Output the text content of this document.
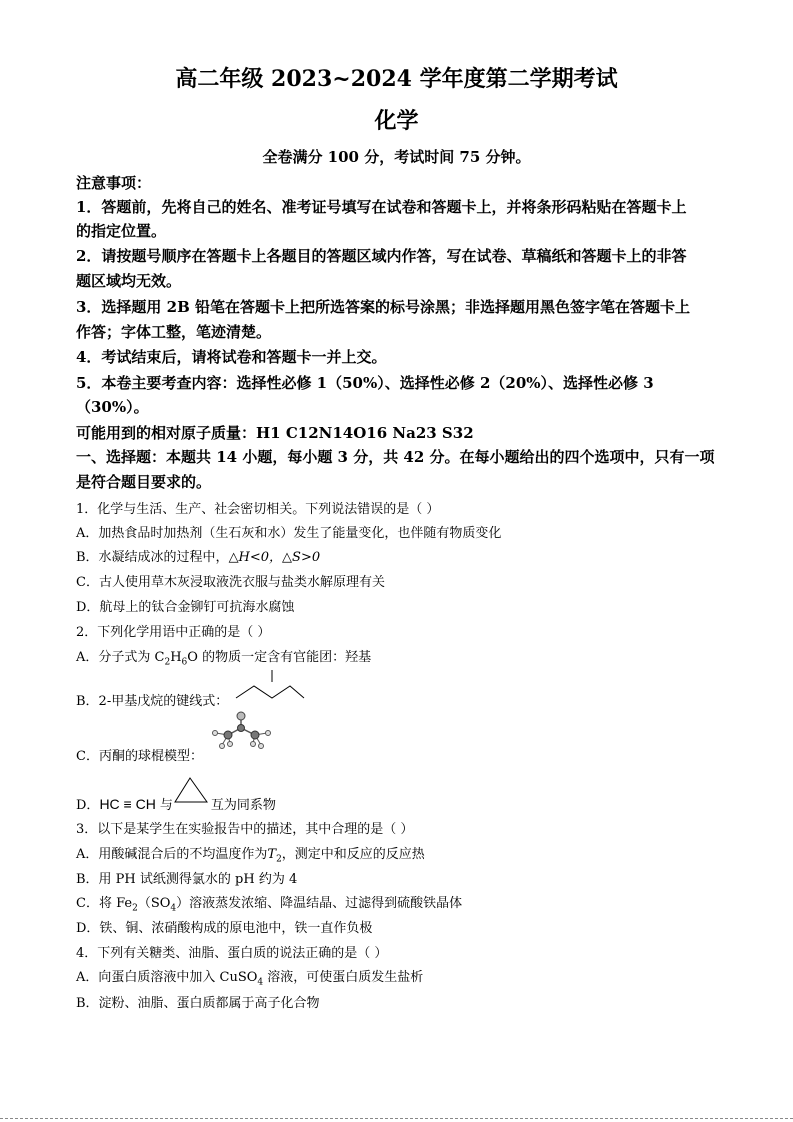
高二年级 2023~2024 学年度第二学期考试
化学
全卷满分 100 分，考试时间 75 分钟。
注意事项：
1．答题前，先将自己的姓名、准考证号填写在试卷和答题卡上，并将条形码粘贴在答题卡上
的指定位置。
2．请按题号顺序在答题卡上各题目的答题区域内作答，写在试卷、草稿纸和答题卡上的非答
题区域均无效。
3．选择题用 2B 铅笔在答题卡上把所选答案的标号涂黑；非选择题用黑色签字笔在答题卡上
作答；字体工整，笔迹清楚。
4．考试结束后，请将试卷和答题卡一并上交。
5．本卷主要考查内容：选择性必修 1（50%）、选择性必修 2（20%）、选择性必修 3
（30%）。
可能用到的相对原子质量：H1 C12N14O16 Na23 S32
一、选择题：本题共 14 小题，每小题 3 分，共 42 分。在每小题给出的四个选项中，只有一项
是符合题目要求的。
1．化学与生活、生产、社会密切相关。下列说法错误的是（ ）
A．加热食品时加热剂（生石灰和水）发生了能量变化，也伴随有物质变化
B．水凝结成冰的过程中，△H<0，△S>0
C．古人使用草木灰浸取液洗衣服与盐类水解原理有关
D．航母上的钛合金铆钉可抗海水腐蚀
2．下列化学用语中正确的是（ ）
A．分子式为 $C_2H_6O$ 的物质一定含有官能团：羟基
B．2-甲基戊烷的键线式：
C．丙酮的球棍模型：
D．HC ≡ CH 与	互为同系物
3．以下是某学生在实验报告中的描述，其中合理的是（ ）
A．用酸碱混合后的不均温度作为$T_2$，测定中和反应的反应热
B．用 PH 试纸测得氯水的 pH 约为 4
C．将 $Fe_2(SO_4)$溶液蒸发浓缩、降温结晶、过滤得到硫酸铁晶体
D．铁、铜、浓硝酸构成的原电池中，铁一直作负极
4．下列有关糖类、油脂、蛋白质的说法正确的是（ ）
A．向蛋白质溶液中加入 CuSO$_4$ 溶液，可使蛋白质发生盐析
B．淀粉、油脂、蛋白质都属于高子化合物
